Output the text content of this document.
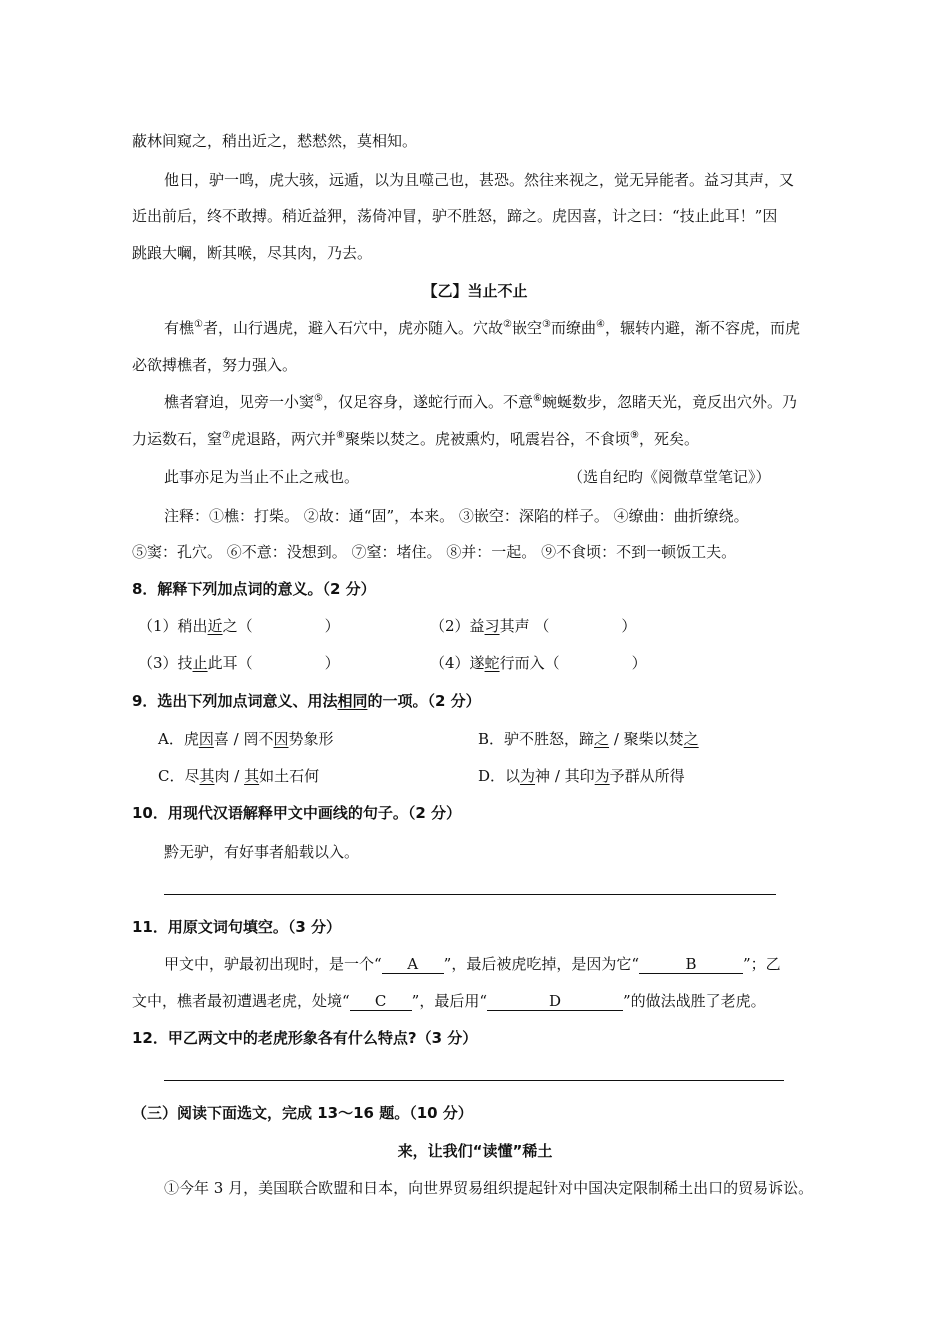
蔽林间窥之，稍出近之，慭慭然，莫相知。
他日，驴一鸣，虎大骇，远遁，以为且噬己也，甚恐。然往来视之，觉无异能者。益习其声，又
近出前后，终不敢搏。稍近益狎，荡倚冲冒，驴不胜怒，蹄之。虎因喜，计之曰：“技止此耳！”因
跳踉大㘎，断其喉，尽其肉，乃去。
【乙】当止不止
有樵①者，山行遇虎，避入石穴中，虎亦随入。穴故②嵌空③而缭曲④，辗转内避，渐不容虎，而虎
必欲搏樵者，努力强入。
樵者窘迫，见旁一小窦⑤，仅足容身，遂蛇行而入。不意⑥蜿蜒数步，忽睹天光，竟反出穴外。乃
力运数石，窒⑦虎退路，两穴并⑧聚柴以焚之。虎被熏灼，吼震岩谷，不食顷⑨，死矣。
此事亦足为当止不止之戒也。	（选自纪昀《阅微草堂笔记》）
注释：①樵：打柴。 ②故：通“固”，本来。 ③嵌空：深陷的样子。 ④缭曲：曲折缭绕。
⑤窦：孔穴。 ⑥不意：没想到。 ⑦窒：堵住。 ⑧并：一起。 ⑨不食顷：不到一顿饭工夫。
8．解释下列加点词的意义。（2 分）
（1）稍出近之（	）	（2）益习其声 （	）
（3）技止此耳（	）	（4）遂蛇行而入（	）
9．选出下列加点词意义、用法相同的一项。（2 分）
A．虎因喜 / 罔不因势象形	B．驴不胜怒，蹄之 / 聚柴以焚之
C．尽其肉 / 其如土石何	D．以为神 / 其印为予群从所得
10．用现代汉语解释甲文中画线的句子。（2 分）
黔无驴，有好事者船载以入。
11．用原文词句填空。（3 分）
甲文中，驴最初出现时，是一个“ A ”，最后被虎吃掉，是因为它“	B	”；乙
文中，樵者最初遭遇老虎，处境“ C ”，最后用“	D	”的做法战胜了老虎。
12．甲乙两文中的老虎形象各有什么特点?（3 分）
（三）阅读下面选文，完成 13～16 题。（10 分）
来，让我们“读懂”稀土
①今年 3 月，美国联合欧盟和日本，向世界贸易组织提起针对中国决定限制稀土出口的贸易诉讼。
